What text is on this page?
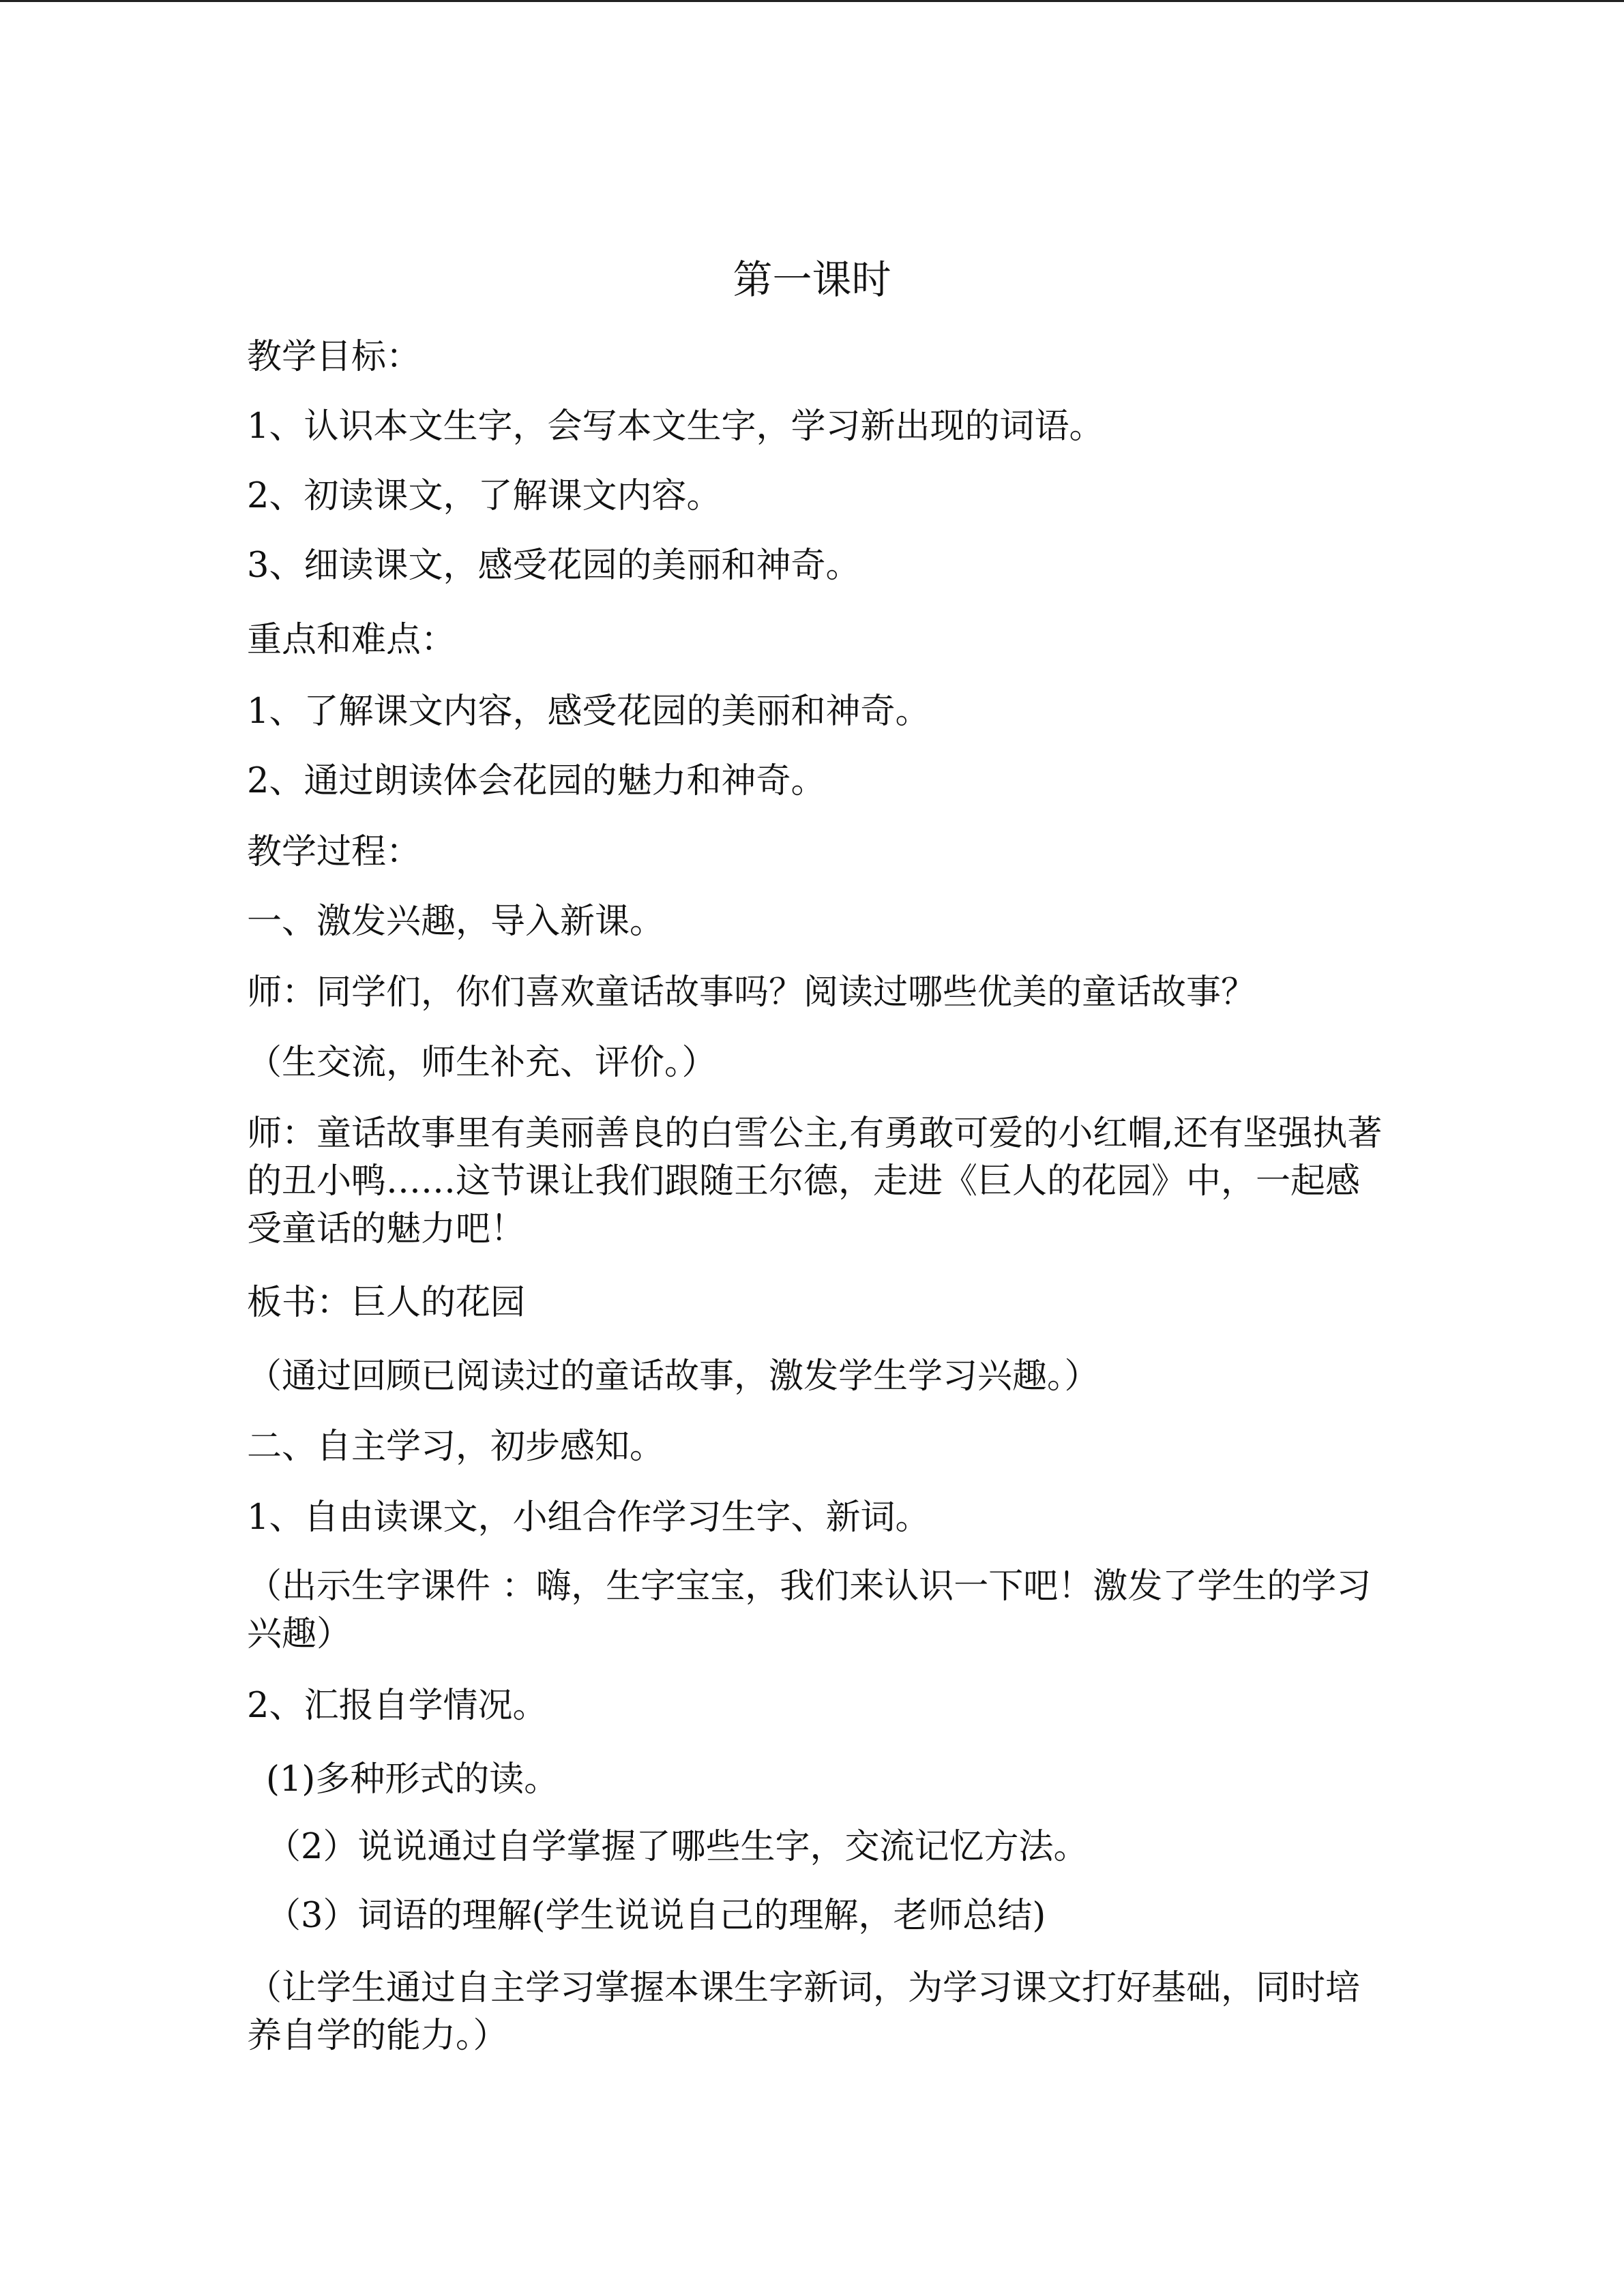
第一课时

教学目标：

1、认识本文生字，会写本文生字，学习新出现的词语。

2、初读课文，了解课文内容。

3、细读课文，感受花园的美丽和神奇。

重点和难点：

1、了解课文内容，感受花园的美丽和神奇。

2、通过朗读体会花园的魅力和神奇。

教学过程：

一、激发兴趣，导入新课。

师：同学们，你们喜欢童话故事吗？阅读过哪些优美的童话故事？

（生交流，师生补充、评价。）

师：童话故事里有美丽善良的白雪公主,有勇敢可爱的小红帽,还有坚强执著的丑小鸭……这节课让我们跟随王尔德，走进《巨人的花园》中，一起感受童话的魅力吧！

板书：巨人的花园

（通过回顾已阅读过的童话故事，激发学生学习兴趣。）

二、自主学习，初步感知。

1、自由读课文，小组合作学习生字、新词。

（出示生字课件 ：嗨，生字宝宝，我们来认识一下吧！激发了学生的学习兴趣）

2、汇报自学情况。

(1)多种形式的读。

（2）说说通过自学掌握了哪些生字，交流记忆方法。

（3）词语的理解(学生说说自己的理解，老师总结)

（让学生通过自主学习掌握本课生字新词，为学习课文打好基础，同时培养自学的能力。）
